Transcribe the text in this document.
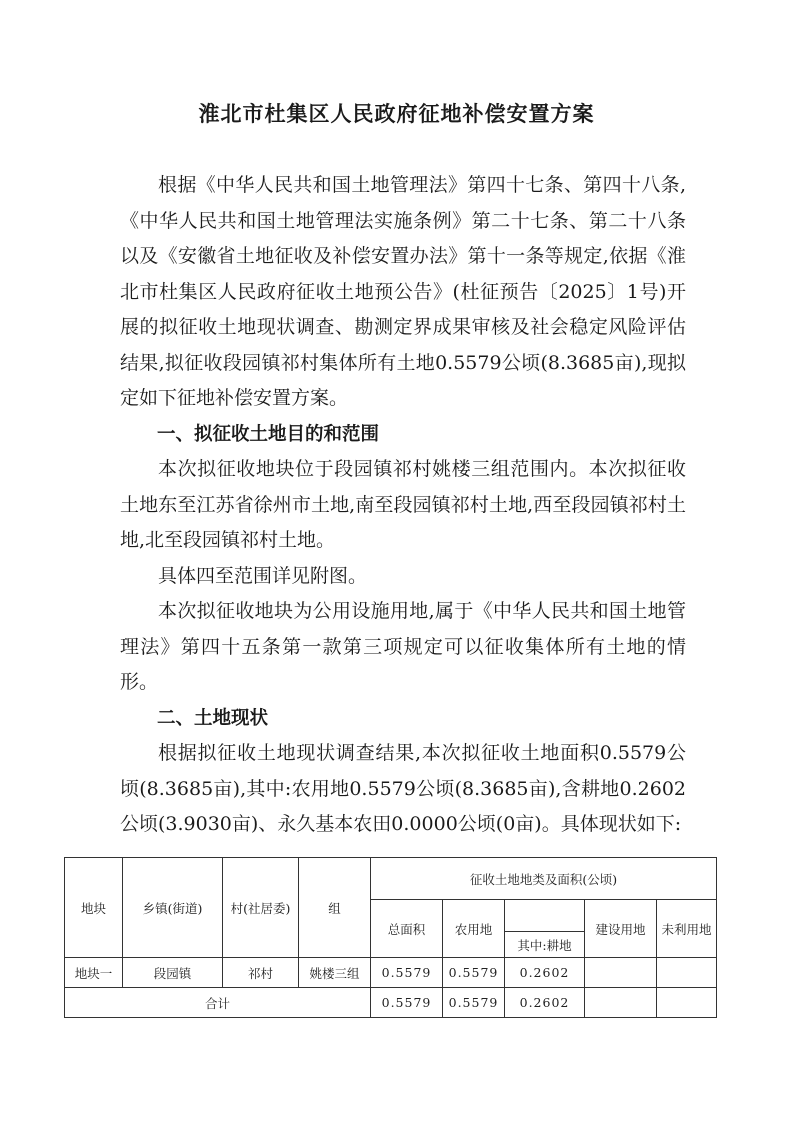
淮北市杜集区人民政府征地补偿安置方案

根据《中华人民共和国土地管理法》第四十七条、第四十八条,《中华人民共和国土地管理法实施条例》第二十七条、第二十八条以及《安徽省土地征收及补偿安置办法》第十一条等规定,依据《淮北市杜集区人民政府征收土地预公告》(杜征预告〔2025〕1号)开展的拟征收土地现状调查、勘测定界成果审核及社会稳定风险评估结果,拟征收段园镇祁村集体所有土地0.5579公顷(8.3685亩),现拟定如下征地补偿安置方案。

一、拟征收土地目的和范围

本次拟征收地块位于段园镇祁村姚楼三组范围内。本次拟征收土地东至江苏省徐州市土地,南至段园镇祁村土地,西至段园镇祁村土地,北至段园镇祁村土地。

具体四至范围详见附图。

本次拟征收地块为公用设施用地,属于《中华人民共和国土地管理法》第四十五条第一款第三项规定可以征收集体所有土地的情形。

二、土地现状

根据拟征收土地现状调查结果,本次拟征收土地面积0.5579公顷(8.3685亩),其中:农用地0.5579公顷(8.3685亩),含耕地0.2602公顷(3.9030亩)、永久基本农田0.0000公顷(0亩)。具体现状如下:

地块	乡镇(街道)	村(社居委)	组	征收土地地类及面积(公顷)				
				总面积	农用地		建设用地	未利用地
						其中:耕地		
地块一	段园镇	祁村	姚楼三组	0.5579	0.5579	0.2602		
合计				0.5579	0.5579	0.2602		
